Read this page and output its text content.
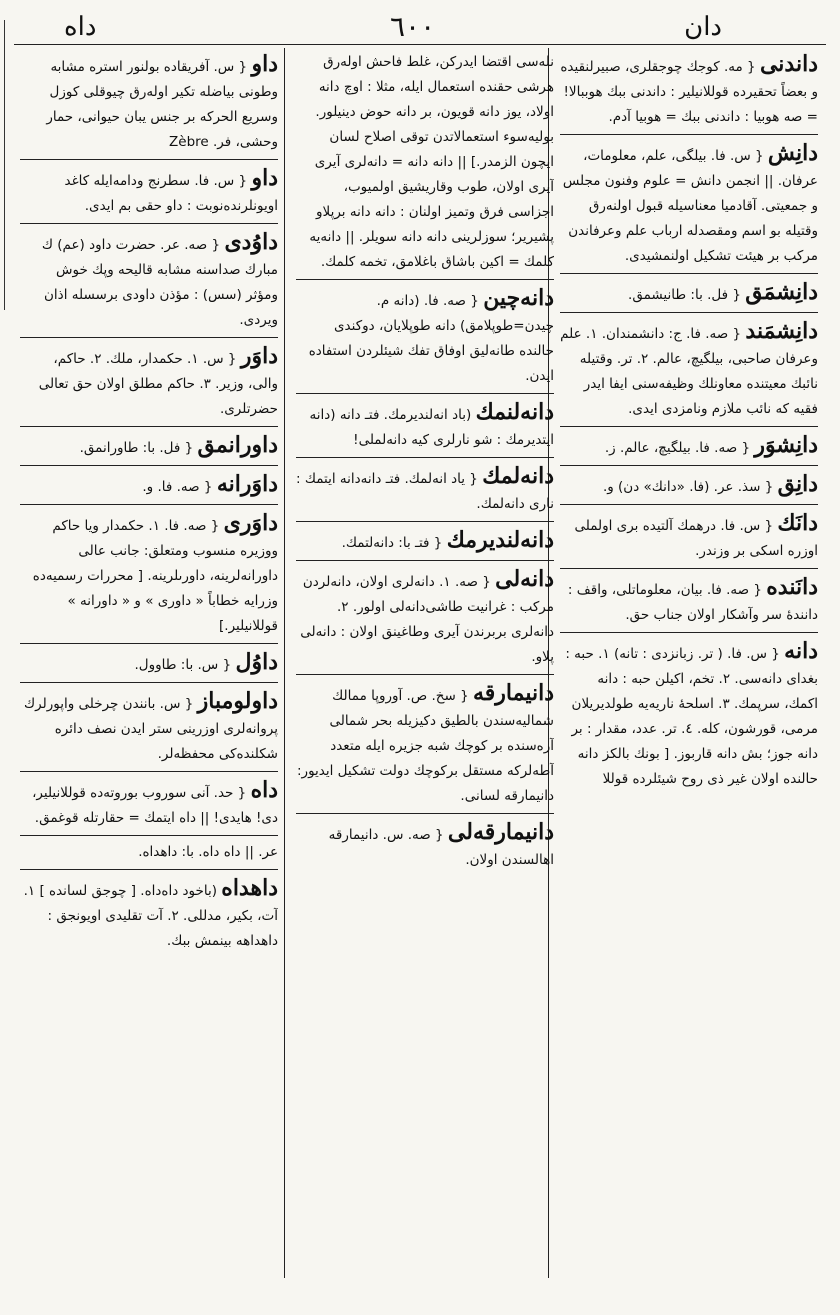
داه	٦٠٠	دان
داندنى { مه. كوجك چوجقلرى، صبيرلنقيده و بعضاً تحقيرده قوللانيلير : داندنى ببك هوببالا! = صه هوبيا : داندنى ببك = هوبيا آدم.
دانِش { س. فا. بيلگى، علم، معلومات، عرفان. || انجمن دانش = علوم وفنون مجلس و جمعيتى. آقادميا معناسيله قبول اولنه‌رق وقتيله بو اسم ومقصدله ارباب علم وعرفاندن مركب بر هيئت تشكيل اولنمشيدى.
دانِشمَق { فل. با: طانيشمق.
دانِشمَند { صه. فا. ج: دانشمندان. ١. علم وعرفان صاحبى، بيلگيچ، عالم. ٢. تر. وقتيله نائبك معيتنده معاونلك وظيفه‌سنى ايفا ايدر فقيه كه نائب ملازم ونامزدى ايدى.
دانِشوَر { صه. فا. بيلگيچ، عالم. ز.
دانِق { سذ. عر. (فا. «دانك» دن) و.
دانَك { س. فا. درهمك آلتيده برى اولملى اوزره اسكى بر وزندر.
دانَنده { صه. فا. بيان، معلوماتلى، واقف : دانندهٔ سر وآشكار اولان جناب حق.
دانه { س. فا. ( تر. زبانزدى : تانه) ١. حبه : بغداى دانه‌سى. ٢. تخم، اكيلن حبه : دانه اكمك، سرپمك. ٣. اسلحهٔ ناريه‌يه طولديريلان مرمى، قورشون، كله. ٤. تر. عدد، مقدار : بر دانه جوز؛ بش دانه قاربوز. [ بونك بالكز دانه حالنده اولان غير ذى روح شيئلرده قوللا
نله‌سى اقتضا ايدركن، غلط فاحش اوله‌رق هرشى حقنده استعمال ايله، مثلا : اوچ دانه اولاد، يوز دانه قويون، بر دانه حوض دينيلور. بوليه‌سوء استعمالاتدن توقى اصلاح لسان ايچون الزمدر.] || دانه دانه = دانه‌لرى آيرى آيرى اولان، طوب وقاريشيق اولميوب، اجزاسى فرق وتميز اولنان : دانه دانه برپلاو پشيرير؛ سوزلرينى دانه دانه سويلر. || دانه‌يه كلمك = اكين باشاق باغلامق، تخمه كلمك.
دانه‌چين { صه. فا. (دانه م. چيدن=طوپلامق) دانه طوپلايان، دوكندى حالنده طانه‌ليق اوفاق تفك شيئلردن استفاده ايدن.
دانه‌لنمك (باد انه‌لنديرمك. فتـ دانه (دانه ايتديرمك : شو نارلرى كيه دانه‌لملى!
دانه‌لمك { ياد انه‌لمك. فتـ دانه‌دانه ايتمك : نارى دانه‌لمك.
دانه‌لنديرمك { فتـ با: دانه‌لتمك.
دانه‌لى { صه. ١. دانه‌لرى اولان، دانه‌لردن مركب : غرانيت طاشى‌دانه‌لى اولور. ٢. دانه‌لرى بربرندن آيرى وطاغينق اولان : دانه‌لى پلاو.
دانيمارقه { سخ. ص. آوروپا ممالك شماليه‌سندن بالطيق دكيزيله بحر شمالى آره‌سنده بر كوچك شبه جزيره ايله متعدد آطه‌لركه مستقل بركوچك دولت تشكيل ايديور: دانيمارقه لسانى.
دانيمارقه‌لى { صه. س. دانيمارقه اهالسندن اولان.
داو { س. آفريقاده بولنور استره مشابه وطونى بياضله تكير اوله‌رق چيوقلى كوزل وسريع الحركه بر جنس يبان حيوانى، حمار وحشى، فر. Zèbre
داو { س. فا. سطرنج ودامه‌ايله كاغد اويونلرنده‌نوبت : داو حقى بم ايدى.
داوُدى { صه. عر. حضرت داود (عم) ك مبارك صداسنه مشابه قاليحه وپك خوش ومؤثر (سس) : مؤذن داودى برسسله اذان ويردى.
داوَر { س. ١. حكمدار، ملك. ٢. حاكم، والى، وزير. ٣. حاكم مطلق اولان حق تعالى حضرتلرى.
داورانمق { فل. با: طاورانمق.
داوَرانه { صه. فا. و.
داوَرى { صه. فا. ١. حكمدار ويا حاكم ووزيره منسوب ومتعلق: جانب عالى داورانه‌لرينه، داورىلرينه. [ محررات رسميه‌ده وزرايه خطاباً « داورى » و « داورانه » قوللانيلير.]
داوُل { س. با: طاوول.
داولومباز { س. بانندن چرخلى واپورلرك پروانه‌لرى اوزرينى ستر ايدن نصف دائره شكلنده‌كى محفظه‌لر.
داه { حد. آنى سوروب بوروته‌ده قوللانيلير، دى! هايدى! || داه ايتمك = حقارتله قوغمق.
عر. || داه داه. با: داهداه.
داهداه (باخود داه‌داه. [ چوجق لسانده ] ١. آت، بكير، مدللى. ٢. آت تقليدى اويونجق : داهداهه بينمش ببك.
